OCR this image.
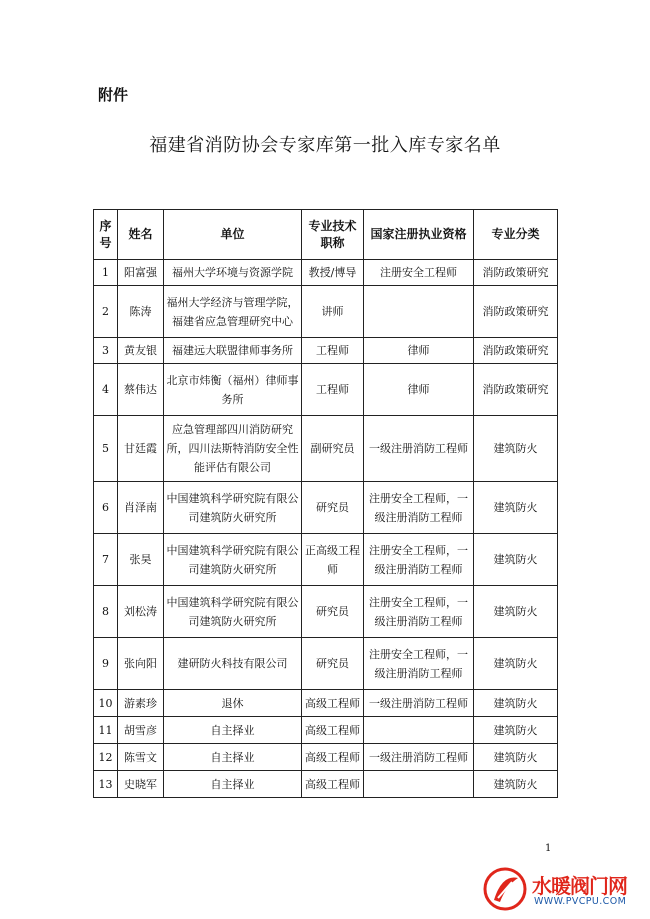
附件
福建省消防协会专家库第一批入库专家名单
序号	姓名	单位	专业技术职称	国家注册执业资格	专业分类
1	阳富强	福州大学环境与资源学院	教授/博导	注册安全工程师	消防政策研究
2	陈涛	福州大学经济与管理学院，福建省应急管理研究中心	讲师		消防政策研究
3	黄友银	福建远大联盟律师事务所	工程师	律师	消防政策研究
4	蔡伟达	北京市炜衡（福州）律师事务所	工程师	律师	消防政策研究
5	甘廷霞	应急管理部四川消防研究所，四川法斯特消防安全性能评估有限公司	副研究员	一级注册消防工程师	建筑防火
6	肖泽南	中国建筑科学研究院有限公司建筑防火研究所	研究员	注册安全工程师，一级注册消防工程师	建筑防火
7	张昊	中国建筑科学研究院有限公司建筑防火研究所	正高级工程师	注册安全工程师，一级注册消防工程师	建筑防火
8	刘松涛	中国建筑科学研究院有限公司建筑防火研究所	研究员	注册安全工程师，一级注册消防工程师	建筑防火
9	张向阳	建研防火科技有限公司	研究员	注册安全工程师，一级注册消防工程师	建筑防火
10	游素珍	退休	高级工程师	一级注册消防工程师	建筑防火
11	胡雪彦	自主择业	高级工程师		建筑防火
12	陈雪文	自主择业	高级工程师	一级注册消防工程师	建筑防火
13	史晓军	自主择业	高级工程师		建筑防火
1
水暖阀门网
WWW.PVCPU.COM
